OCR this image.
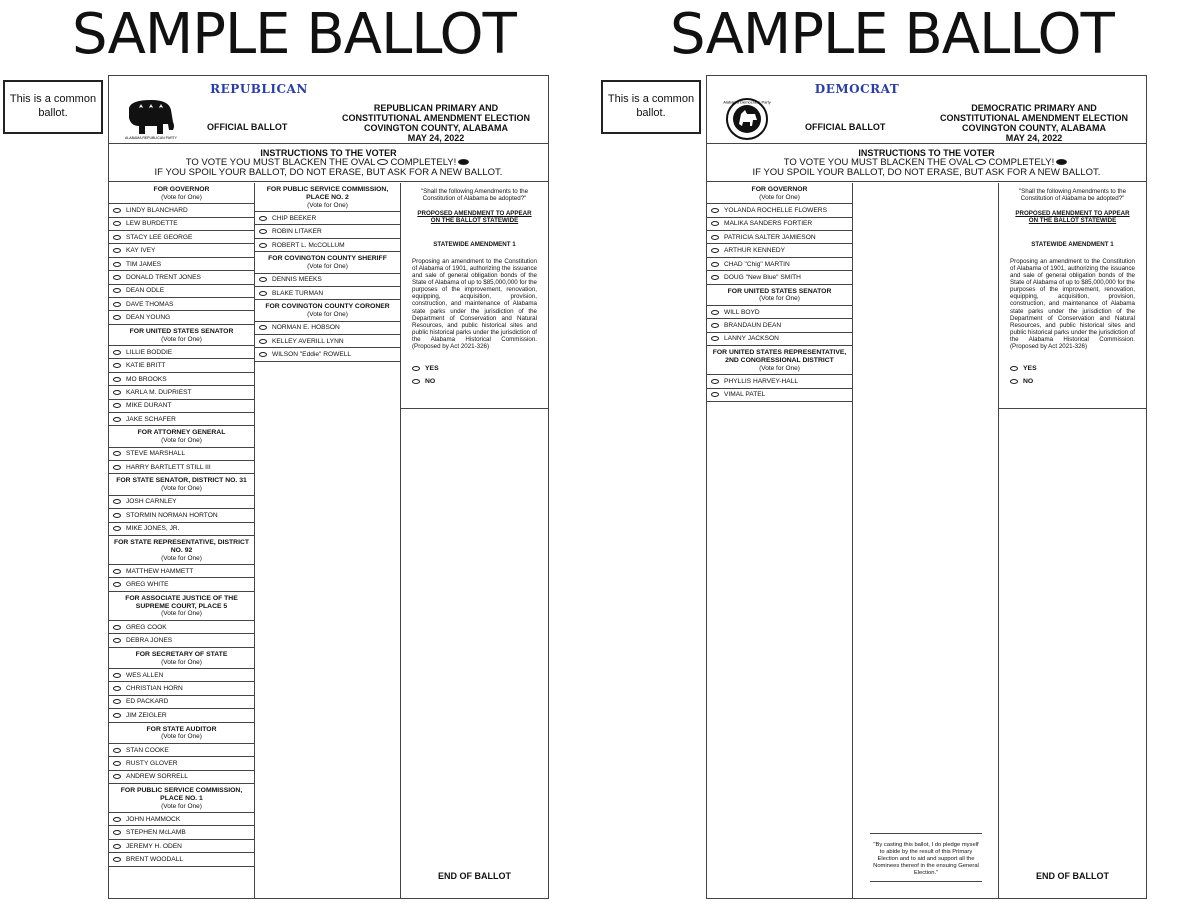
SAMPLE BALLOT	SAMPLE BALLOT
This is a common ballot.
This is a common ballot.
REPUBLICAN
ALABAMA REPUBLICAN PARTY
OFFICIAL BALLOT
REPUBLICAN PRIMARY AND
CONSTITUTIONAL AMENDMENT ELECTION
COVINGTON COUNTY, ALABAMA
MAY 24, 2022
INSTRUCTIONS TO THE VOTER
TO VOTE YOU MUST BLACKEN THE OVAL COMPLETELY!
IF YOU SPOIL YOUR BALLOT, DO NOT ERASE, BUT ASK FOR A NEW BALLOT.
FOR GOVERNOR
(Vote for One)
LINDY BLANCHARD
LEW BURDETTE
STACY LEE GEORGE
KAY IVEY
TIM JAMES
DONALD TRENT JONES
DEAN ODLE
DAVE THOMAS
DEAN YOUNG
FOR UNITED STATES SENATOR
(Vote for One)
LILLIE BODDIE
KATIE BRITT
MO BROOKS
KARLA M. DUPRIEST
MIKE DURANT
JAKE SCHAFER
FOR ATTORNEY GENERAL
(Vote for One)
STEVE MARSHALL
HARRY BARTLETT STILL III
FOR STATE SENATOR, DISTRICT NO. 31
(Vote for One)
JOSH CARNLEY
STORMIN NORMAN HORTON
MIKE JONES, JR.
FOR STATE REPRESENTATIVE, DISTRICT NO. 92
(Vote for One)
MATTHEW HAMMETT
GREG WHITE
FOR ASSOCIATE JUSTICE OF THE SUPREME COURT, PLACE 5
(Vote for One)
GREG COOK
DEBRA JONES
FOR SECRETARY OF STATE
(Vote for One)
WES ALLEN
CHRISTIAN HORN
ED PACKARD
JIM ZEIGLER
FOR STATE AUDITOR
(Vote for One)
STAN COOKE
RUSTY GLOVER
ANDREW SORRELL
FOR PUBLIC SERVICE COMMISSION, PLACE NO. 1
(Vote for One)
JOHN HAMMOCK
STEPHEN McLAMB
JEREMY H. ODEN
BRENT WOODALL
FOR PUBLIC SERVICE COMMISSION, PLACE NO. 2
(Vote for One)
CHIP BEEKER
ROBIN LITAKER
ROBERT L. McCOLLUM
FOR COVINGTON COUNTY SHERIFF
(Vote for One)
DENNIS MEEKS
BLAKE TURMAN
FOR COVINGTON COUNTY CORONER
(Vote for One)
NORMAN E. HOBSON
KELLEY AVERILL LYNN
WILSON "Eddie" ROWELL
"Shall the following Amendments to the Constitution of Alabama be adopted?"
PROPOSED AMENDMENT TO APPEAR ON THE BALLOT STATEWIDE
STATEWIDE AMENDMENT 1
Proposing an amendment to the Constitution of Alabama of 1901, authorizing the issuance and sale of general obligation bonds of the State of Alabama of up to $85,000,000 for the purposes of the improvement, renovation, equipping, acquisition, provision, construction, and maintenance of Alabama state parks under the jurisdiction of the Department of Conservation and Natural Resources, and public historical sites and public historical parks under the jurisdiction of the Alabama Historical Commission. (Proposed by Act 2021-326)
YES
NO
END OF BALLOT
DEMOCRAT
Alabama Democratic Party
OFFICIAL BALLOT
DEMOCRATIC PRIMARY AND
CONSTITUTIONAL AMENDMENT ELECTION
COVINGTON COUNTY, ALABAMA
MAY 24, 2022
INSTRUCTIONS TO THE VOTER
TO VOTE YOU MUST BLACKEN THE OVAL COMPLETELY!
IF YOU SPOIL YOUR BALLOT, DO NOT ERASE, BUT ASK FOR A NEW BALLOT.
FOR GOVERNOR
(Vote for One)
YOLANDA ROCHELLE FLOWERS
MALIKA SANDERS FORTIER
PATRICIA SALTER JAMIESON
ARTHUR KENNEDY
CHAD "Chig" MARTIN
DOUG "New Blue" SMITH
FOR UNITED STATES SENATOR
(Vote for One)
WILL BOYD
BRANDAUN DEAN
LANNY JACKSON
FOR UNITED STATES REPRESENTATIVE, 2ND CONGRESSIONAL DISTRICT
(Vote for One)
PHYLLIS HARVEY-HALL
VIMAL PATEL
"By casting this ballot, I do pledge myself to abide by the result of this Primary Election and to aid and support all the Nominees thereof in the ensuing General Election."
"Shall the following Amendments to the Constitution of Alabama be adopted?"
PROPOSED AMENDMENT TO APPEAR ON THE BALLOT STATEWIDE
STATEWIDE AMENDMENT 1
Proposing an amendment to the Constitution of Alabama of 1901, authorizing the issuance and sale of general obligation bonds of the State of Alabama of up to $85,000,000 for the purposes of the improvement, renovation, equipping, acquisition, provision, construction, and maintenance of Alabama state parks under the jurisdiction of the Department of Conservation and Natural Resources, and public historical sites and public historical parks under the jurisdiction of the Alabama Historical Commission. (Proposed by Act 2021-326)
YES
NO
END OF BALLOT
